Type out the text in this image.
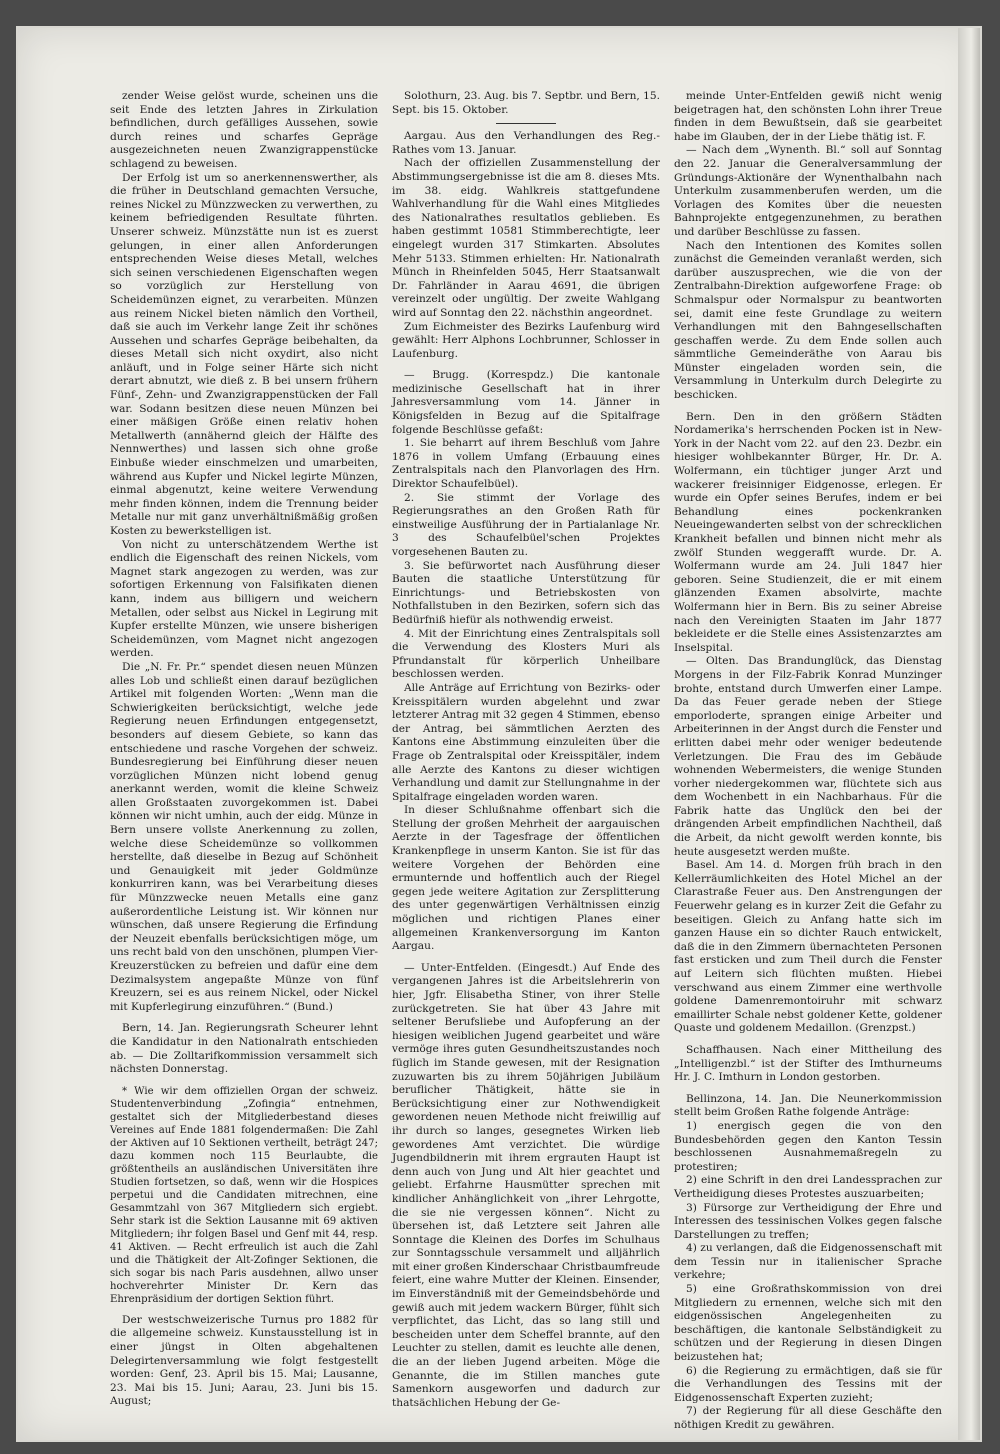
zender Weise gelöst wurde, scheinen uns die seit Ende des letzten Jahres in Zirkulation befindlichen, durch gefälliges Aussehen, sowie durch reines und scharfes Gepräge ausgezeichneten neuen Zwanzigrappenstücke schlagend zu beweisen.

Der Erfolg ist um so anerkennenswerther, als die früher in Deutschland gemachten Versuche, reines Nickel zu Münzzwecken zu verwerthen, zu keinem befriedigenden Resultate führten. Unserer schweiz. Münzstätte nun ist es zuerst gelungen, in einer allen Anforderungen entsprechenden Weise dieses Metall, welches sich seinen verschiedenen Eigenschaften wegen so vorzüglich zur Herstellung von Scheidemünzen eignet, zu verarbeiten. Münzen aus reinem Nickel bieten nämlich den Vortheil, daß sie auch im Verkehr lange Zeit ihr schönes Aussehen und scharfes Gepräge beibehalten, da dieses Metall sich nicht oxydirt, also nicht anläuft, und in Folge seiner Härte sich nicht derart abnutzt, wie dieß z. B bei unsern frühern Fünf-, Zehn- und Zwanzigrappenstücken der Fall war. Sodann besitzen diese neuen Münzen bei einer mäßigen Größe einen relativ hohen Metallwerth (annähernd gleich der Hälfte des Nennwerthes) und lassen sich ohne große Einbuße wieder einschmelzen und umarbeiten, während aus Kupfer und Nickel legirte Münzen, einmal abgenutzt, keine weitere Verwendung mehr finden können, indem die Trennung beider Metalle nur mit ganz unverhältnißmäßig großen Kosten zu bewerkstelligen ist.

Von nicht zu unterschätzendem Werthe ist endlich die Eigenschaft des reinen Nickels, vom Magnet stark angezogen zu werden, was zur sofortigen Erkennung von Falsifikaten dienen kann, indem aus billigern und weichern Metallen, oder selbst aus Nickel in Legirung mit Kupfer erstellte Münzen, wie unsere bisherigen Scheidemünzen, vom Magnet nicht angezogen werden.

Die „N. Fr. Pr.“ spendet diesen neuen Münzen alles Lob und schließt einen darauf bezüglichen Artikel mit folgenden Worten: „Wenn man die Schwierigkeiten berücksichtigt, welche jede Regierung neuen Erfindungen entgegensetzt, besonders auf diesem Gebiete, so kann das entschiedene und rasche Vorgehen der schweiz. Bundesregierung bei Einführung dieser neuen vorzüglichen Münzen nicht lobend genug anerkannt werden, womit die kleine Schweiz allen Großstaaten zuvorgekommen ist. Dabei können wir nicht umhin, auch der eidg. Münze in Bern unsere vollste Anerkennung zu zollen, welche diese Scheidemünze so vollkommen herstellte, daß dieselbe in Bezug auf Schönheit und Genauigkeit mit jeder Goldmünze konkurriren kann, was bei Verarbeitung dieses für Münzzwecke neuen Metalls eine ganz außerordentliche Leistung ist. Wir können nur wünschen, daß unsere Regierung die Erfindung der Neuzeit ebenfalls berücksichtigen möge, um uns recht bald von den unschönen, plumpen Vier-Kreuzerstücken zu befreien und dafür eine dem Dezimalsystem angepaßte Münze von fünf Kreuzern, sei es aus reinem Nickel, oder Nickel mit Kupferlegirung einzuführen.“ (Bund.)

Bern, 14. Jan. Regierungsrath Scheurer lehnt die Kandidatur in den Nationalrath entschieden ab. — Die Zolltarifkommission versammelt sich nächsten Donnerstag.

* Wie wir dem offiziellen Organ der schweiz. Studentenverbindung „Zofingia“ entnehmen, gestaltet sich der Mitgliederbestand dieses Vereines auf Ende 1881 folgendermaßen: Die Zahl der Aktiven auf 10 Sektionen vertheilt, beträgt 247; dazu kommen noch 115 Beurlaubte, die größtentheils an ausländischen Universitäten ihre Studien fortsetzen, so daß, wenn wir die Hospices perpetui und die Candidaten mitrechnen, eine Gesammtzahl von 367 Mitgliedern sich ergiebt. Sehr stark ist die Sektion Lausanne mit 69 aktiven Mitgliedern; ihr folgen Basel und Genf mit 44, resp. 41 Aktiven. — Recht erfreulich ist auch die Zahl und die Thätigkeit der Alt-Zofinger Sektionen, die sich sogar bis nach Paris ausdehnen, allwo unser hochverehrter Minister Dr. Kern das Ehrenpräsidium der dortigen Sektion führt.

Der westschweizerische Turnus pro 1882 für die allgemeine schweiz. Kunstausstellung ist in einer jüngst in Olten abgehaltenen Delegirtenversammlung wie folgt festgestellt worden: Genf, 23. April bis 15. Mai; Lausanne, 23. Mai bis 15. Juni; Aarau, 23. Juni bis 15. August;

Solothurn, 23. Aug. bis 7. Septbr. und Bern, 15. Sept. bis 15. Oktober.

Aargau. Aus den Verhandlungen des Reg.-Rathes vom 13. Januar.

Nach der offiziellen Zusammenstellung der Abstimmungsergebnisse ist die am 8. dieses Mts. im 38. eidg. Wahlkreis stattgefundene Wahlverhandlung für die Wahl eines Mitgliedes des Nationalrathes resultatlos geblieben. Es haben gestimmt 10581 Stimmberechtigte, leer eingelegt wurden 317 Stimkarten. Absolutes Mehr 5133. Stimmen erhielten: Hr. Nationalrath Münch in Rheinfelden 5045, Herr Staatsanwalt Dr. Fahrländer in Aarau 4691, die übrigen vereinzelt oder ungültig. Der zweite Wahlgang wird auf Sonntag den 22. nächsthin angeordnet.

Zum Eichmeister des Bezirks Laufenburg wird gewählt: Herr Alphons Lochbrunner, Schlosser in Laufenburg.

— Brugg. (Korrespdz.) Die kantonale medizinische Gesellschaft hat in ihrer Jahresversammlung vom 14. Jänner in Königsfelden in Bezug auf die Spitalfrage folgende Beschlüsse gefaßt:

1. Sie beharrt auf ihrem Beschluß vom Jahre 1876 in vollem Umfang (Erbauung eines Zentralspitals nach den Planvorlagen des Hrn. Direktor Schaufelbüel).

2. Sie stimmt der Vorlage des Regierungsrathes an den Großen Rath für einstweilige Ausführung der in Partialanlage Nr. 3 des Schaufelbüel'schen Projektes vorgesehenen Bauten zu.

3. Sie befürwortet nach Ausführung dieser Bauten die staatliche Unterstützung für Einrichtungs- und Betriebskosten von Nothfallstuben in den Bezirken, sofern sich das Bedürfniß hiefür als nothwendig erweist.

4. Mit der Einrichtung eines Zentralspitals soll die Verwendung des Klosters Muri als Pfrundanstalt für körperlich Unheilbare beschlossen werden.

Alle Anträge auf Errichtung von Bezirks- oder Kreisspitälern wurden abgelehnt und zwar letzterer Antrag mit 32 gegen 4 Stimmen, ebenso der Antrag, bei sämmtlichen Aerzten des Kantons eine Abstimmung einzuleiten über die Frage ob Zentralspital oder Kreisspitäler, indem alle Aerzte des Kantons zu dieser wichtigen Verhandlung und damit zur Stellungnahme in der Spitalfrage eingeladen worden waren.

In dieser Schlußnahme offenbart sich die Stellung der großen Mehrheit der aargauischen Aerzte in der Tagesfrage der öffentlichen Krankenpflege in unserm Kanton. Sie ist für das weitere Vorgehen der Behörden eine ermunternde und hoffentlich auch der Riegel gegen jede weitere Agitation zur Zersplitterung des unter gegenwärtigen Verhältnissen einzig möglichen und richtigen Planes einer allgemeinen Krankenversorgung im Kanton Aargau.

— Unter-Entfelden. (Eingesdt.) Auf Ende des vergangenen Jahres ist die Arbeitslehrerin von hier, Jgfr. Elisabetha Stiner, von ihrer Stelle zurückgetreten. Sie hat über 43 Jahre mit seltener Berufsliebe und Aufopferung an der hiesigen weiblichen Jugend gearbeitet und wäre vermöge ihres guten Gesundheitszustandes noch füglich im Stande gewesen, mit der Resignation zuzuwarten bis zu ihrem 50jährigen Jubiläum beruflicher Thätigkeit, hätte sie in Berücksichtigung einer zur Nothwendigkeit gewordenen neuen Methode nicht freiwillig auf ihr durch so langes, gesegnetes Wirken lieb gewordenes Amt verzichtet. Die würdige Jugendbildnerin mit ihrem ergrauten Haupt ist denn auch von Jung und Alt hier geachtet und geliebt. Erfahrne Hausmütter sprechen mit kindlicher Anhänglichkeit von „ihrer Lehrgotte, die sie nie vergessen können“. Nicht zu übersehen ist, daß Letztere seit Jahren alle Sonntage die Kleinen des Dorfes im Schulhaus zur Sonntagsschule versammelt und alljährlich mit einer großen Kinderschaar Christbaumfreude feiert, eine wahre Mutter der Kleinen. Einsender, im Einverständniß mit der Gemeindsbehörde und gewiß auch mit jedem wackern Bürger, fühlt sich verpflichtet, das Licht, das so lang still und bescheiden unter dem Scheffel brannte, auf den Leuchter zu stellen, damit es leuchte alle denen, die an der lieben Jugend arbeiten. Möge die Genannte, die im Stillen manches gute Samenkorn ausgeworfen und dadurch zur thatsächlichen Hebung der Ge-

meinde Unter-Entfelden gewiß nicht wenig beigetragen hat, den schönsten Lohn ihrer Treue finden in dem Bewußtsein, daß sie gearbeitet habe im Glauben, der in der Liebe thätig ist. F.

— Nach dem „Wynenth. Bl.“ soll auf Sonntag den 22. Januar die Generalversammlung der Gründungs-Aktionäre der Wynenthalbahn nach Unterkulm zusammenberufen werden, um die Vorlagen des Komites über die neuesten Bahnprojekte entgegenzunehmen, zu berathen und darüber Beschlüsse zu fassen.

Nach den Intentionen des Komites sollen zunächst die Gemeinden veranlaßt werden, sich darüber auszusprechen, wie die von der Zentralbahn-Direktion aufgeworfene Frage: ob Schmalspur oder Normalspur zu beantworten sei, damit eine feste Grundlage zu weitern Verhandlungen mit den Bahngesellschaften geschaffen werde. Zu dem Ende sollen auch sämmtliche Gemeinderäthe von Aarau bis Münster eingeladen worden sein, die Versammlung in Unterkulm durch Delegirte zu beschicken.

Bern. Den in den größern Städten Nordamerika's herrschenden Pocken ist in New-York in der Nacht vom 22. auf den 23. Dezbr. ein hiesiger wohlbekannter Bürger, Hr. Dr. A. Wolfermann, ein tüchtiger junger Arzt und wackerer freisinniger Eidgenosse, erlegen. Er wurde ein Opfer seines Berufes, indem er bei Behandlung eines pockenkranken Neueingewanderten selbst von der schrecklichen Krankheit befallen und binnen nicht mehr als zwölf Stunden weggerafft wurde. Dr. A. Wolfermann wurde am 24. Juli 1847 hier geboren. Seine Studienzeit, die er mit einem glänzenden Examen absolvirte, machte Wolfermann hier in Bern. Bis zu seiner Abreise nach den Vereinigten Staaten im Jahr 1877 bekleidete er die Stelle eines Assistenzarztes am Inselspital.

— Olten. Das Brandunglück, das Dienstag Morgens in der Filz-Fabrik Konrad Munzinger brohte, entstand durch Umwerfen einer Lampe. Da das Feuer gerade neben der Stiege emporloderte, sprangen einige Arbeiter und Arbeiterinnen in der Angst durch die Fenster und erlitten dabei mehr oder weniger bedeutende Verletzungen. Die Frau des im Gebäude wohnenden Webermeisters, die wenige Stunden vorher niedergekommen war, flüchtete sich aus dem Wochenbett in ein Nachbarhaus. Für die Fabrik hatte das Unglück den bei der drängenden Arbeit empfindlichen Nachtheil, daß die Arbeit, da nicht gewolft werden konnte, bis heute ausgesetzt werden mußte.

Basel. Am 14. d. Morgen früh brach in den Kellerräumlichkeiten des Hotel Michel an der Clarastraße Feuer aus. Den Anstrengungen der Feuerwehr gelang es in kurzer Zeit die Gefahr zu beseitigen. Gleich zu Anfang hatte sich im ganzen Hause ein so dichter Rauch entwickelt, daß die in den Zimmern übernachteten Personen fast ersticken und zum Theil durch die Fenster auf Leitern sich flüchten mußten. Hiebei verschwand aus einem Zimmer eine werthvolle goldene Damenremontoiruhr mit schwarz emaillirter Schale nebst goldener Kette, goldener Quaste und goldenem Medaillon. (Grenzpst.)

Schaffhausen. Nach einer Mittheilung des „Intelligenzbl.“ ist der Stifter des Imthurneums Hr. J. C. Imthurn in London gestorben.

Bellinzona, 14. Jan. Die Neunerkommission stellt beim Großen Rathe folgende Anträge:

1) energisch gegen die von den Bundesbehörden gegen den Kanton Tessin beschlossenen Ausnahmemaßregeln zu protestiren;

2) eine Schrift in den drei Landessprachen zur Vertheidigung dieses Protestes auszuarbeiten;

3) Fürsorge zur Vertheidigung der Ehre und Interessen des tessinischen Volkes gegen falsche Darstellungen zu treffen;

4) zu verlangen, daß die Eidgenossenschaft mit dem Tessin nur in italienischer Sprache verkehre;

5) eine Großrathskommission von drei Mitgliedern zu ernennen, welche sich mit den eidgenössischen Angelegenheiten zu beschäftigen, die kantonale Selbständigkeit zu schützen und der Regierung in diesen Dingen beizustehen hat;

6) die Regierung zu ermächtigen, daß sie für die Verhandlungen des Tessins mit der Eidgenossenschaft Experten zuzieht;

7) der Regierung für all diese Geschäfte den nöthigen Kredit zu gewähren.
